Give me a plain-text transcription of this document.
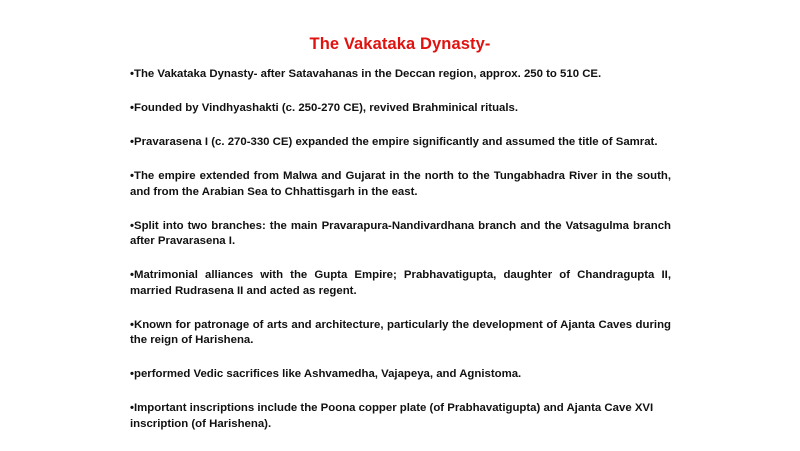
The Vakataka Dynasty-
•The Vakataka Dynasty- after Satavahanas in the Deccan region, approx. 250 to 510 CE.
•Founded by Vindhyashakti (c. 250-270 CE), revived Brahminical rituals.
•Pravarasena I (c. 270-330 CE) expanded the empire significantly and assumed the title of Samrat.
•The empire extended from Malwa and Gujarat in the north to the Tungabhadra River in the south, and from the Arabian Sea to Chhattisgarh in the east.
•Split into two branches: the main Pravarapura-Nandivardhana branch and the Vatsagulma branch after Pravarasena I.
•Matrimonial alliances with the Gupta Empire; Prabhavatigupta, daughter of Chandragupta II, married Rudrasena II and acted as regent.
•Known for patronage of arts and architecture, particularly the development of Ajanta Caves during the reign of Harishena.
•performed Vedic sacrifices like Ashvamedha, Vajapeya, and Agnistoma.
•Important inscriptions include the Poona copper plate (of Prabhavatigupta) and Ajanta Cave XVI inscription (of Harishena).
